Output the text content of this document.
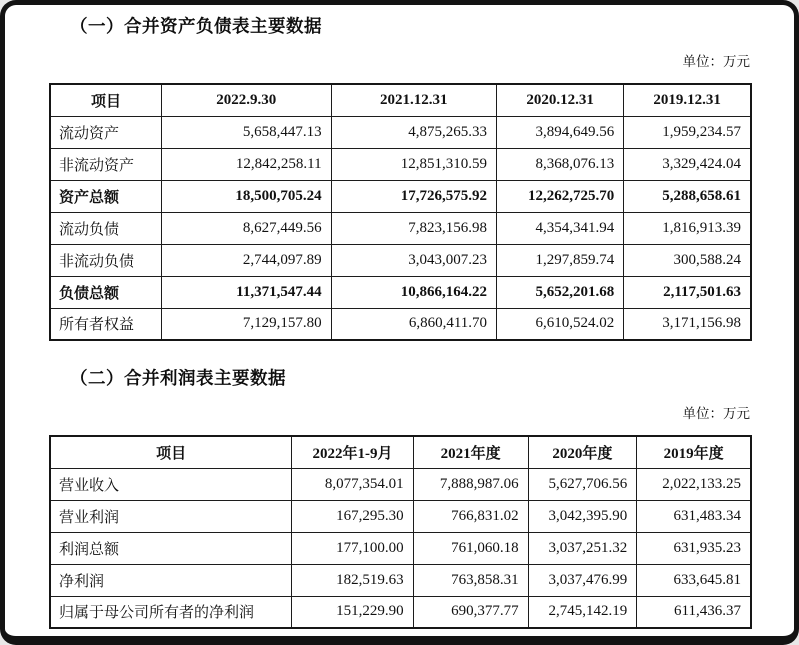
（一）合并资产负债表主要数据
单位：万元
项目	2022.9.30	2021.12.31	2020.12.31	2019.12.31
流动资产	5,658,447.13	4,875,265.33	3,894,649.56	1,959,234.57
非流动资产	12,842,258.11	12,851,310.59	8,368,076.13	3,329,424.04
资产总额	18,500,705.24	17,726,575.92	12,262,725.70	5,288,658.61
流动负债	8,627,449.56	7,823,156.98	4,354,341.94	1,816,913.39
非流动负债	2,744,097.89	3,043,007.23	1,297,859.74	300,588.24
负债总额	11,371,547.44	10,866,164.22	5,652,201.68	2,117,501.63
所有者权益	7,129,157.80	6,860,411.70	6,610,524.02	3,171,156.98
（二）合并利润表主要数据
单位：万元
项目	2022年1-9月	2021年度	2020年度	2019年度
营业收入	8,077,354.01	7,888,987.06	5,627,706.56	2,022,133.25
营业利润	167,295.30	766,831.02	3,042,395.90	631,483.34
利润总额	177,100.00	761,060.18	3,037,251.32	631,935.23
净利润	182,519.63	763,858.31	3,037,476.99	633,645.81
归属于母公司所有者的净利润	151,229.90	690,377.77	2,745,142.19	611,436.37
